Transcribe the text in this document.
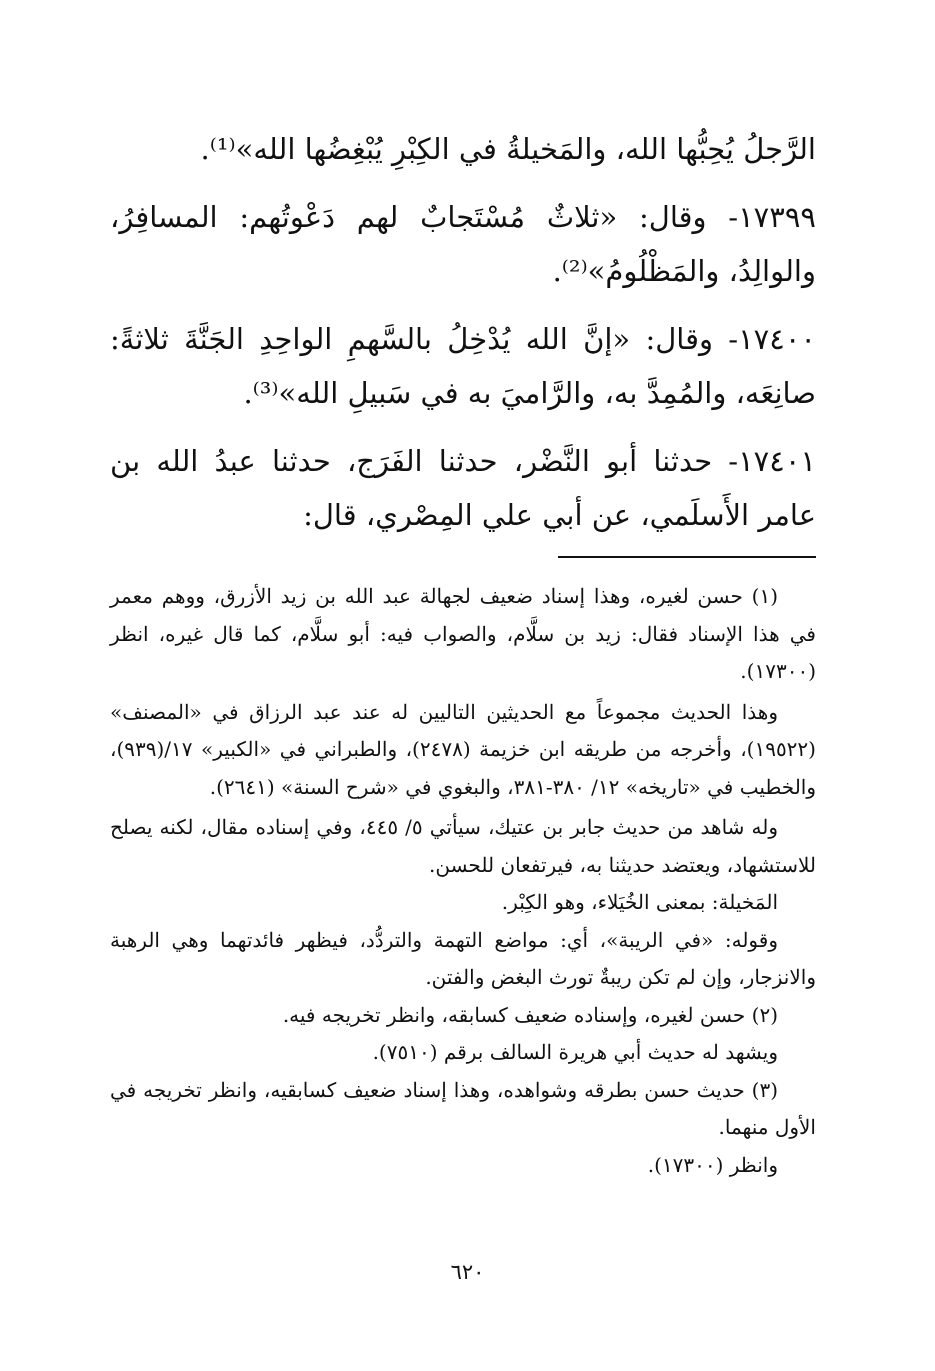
الرَّجلُ يُحِبُّها الله، والمَخيلةُ في الكِبْرِ يُبْغِضُها الله»⁽¹⁾.

١٧٣٩٩- وقال: «ثلاثٌ مُسْتَجابٌ لهم دَعْوتُهم: المسافِرُ، والوالِدُ، والمَظْلُومُ»⁽²⁾.

١٧٤٠٠- وقال: «إنَّ الله يُدْخِلُ بالسَّهمِ الواحِدِ الجَنَّةَ ثلاثةً: صانِعَه، والمُمِدَّ به، والرَّاميَ به في سَبيلِ الله»⁽³⁾.

١٧٤٠١- حدثنا أبو النَّضْر، حدثنا الفَرَج، حدثنا عبدُ الله بن عامر الأَسلَمي، عن أبي علي المِصْري، قال:

(١) حسن لغيره، وهذا إسناد ضعيف لجهالة عبد الله بن زيد الأزرق، ووهم معمر في هذا الإسناد فقال: زيد بن سلَّام، والصواب فيه: أبو سلَّام، كما قال غيره، انظر (١٧٣٠٠).

وهذا الحديث مجموعاً مع الحديثين التاليين له عند عبد الرزاق في «المصنف» (١٩٥٢٢)، وأخرجه من طريقه ابن خزيمة (٢٤٧٨)، والطبراني في «الكبير» ١٧/(٩٣٩)، والخطيب في «تاريخه» ١٢/ ٣٨٠-٣٨١، والبغوي في «شرح السنة» (٢٦٤١).

وله شاهد من حديث جابر بن عتيك، سيأتي ٥/ ٤٤٥، وفي إسناده مقال، لكنه يصلح للاستشهاد، ويعتضد حديثنا به، فيرتفعان للحسن.

المَخيلة: بمعنى الخُيَلاء، وهو الكِبْر.

وقوله: «في الريبة»، أي: مواضع التهمة والتردُّد، فيظهر فائدتهما وهي الرهبة والانزجار، وإن لم تكن ريبةٌ تورث البغض والفتن.

(٢) حسن لغيره، وإسناده ضعيف كسابقه، وانظر تخريجه فيه.

ويشهد له حديث أبي هريرة السالف برقم (٧٥١٠).

(٣) حديث حسن بطرقه وشواهده، وهذا إسناد ضعيف كسابقيه، وانظر تخريجه في الأول منهما.

وانظر (١٧٣٠٠).

٦٢٠
